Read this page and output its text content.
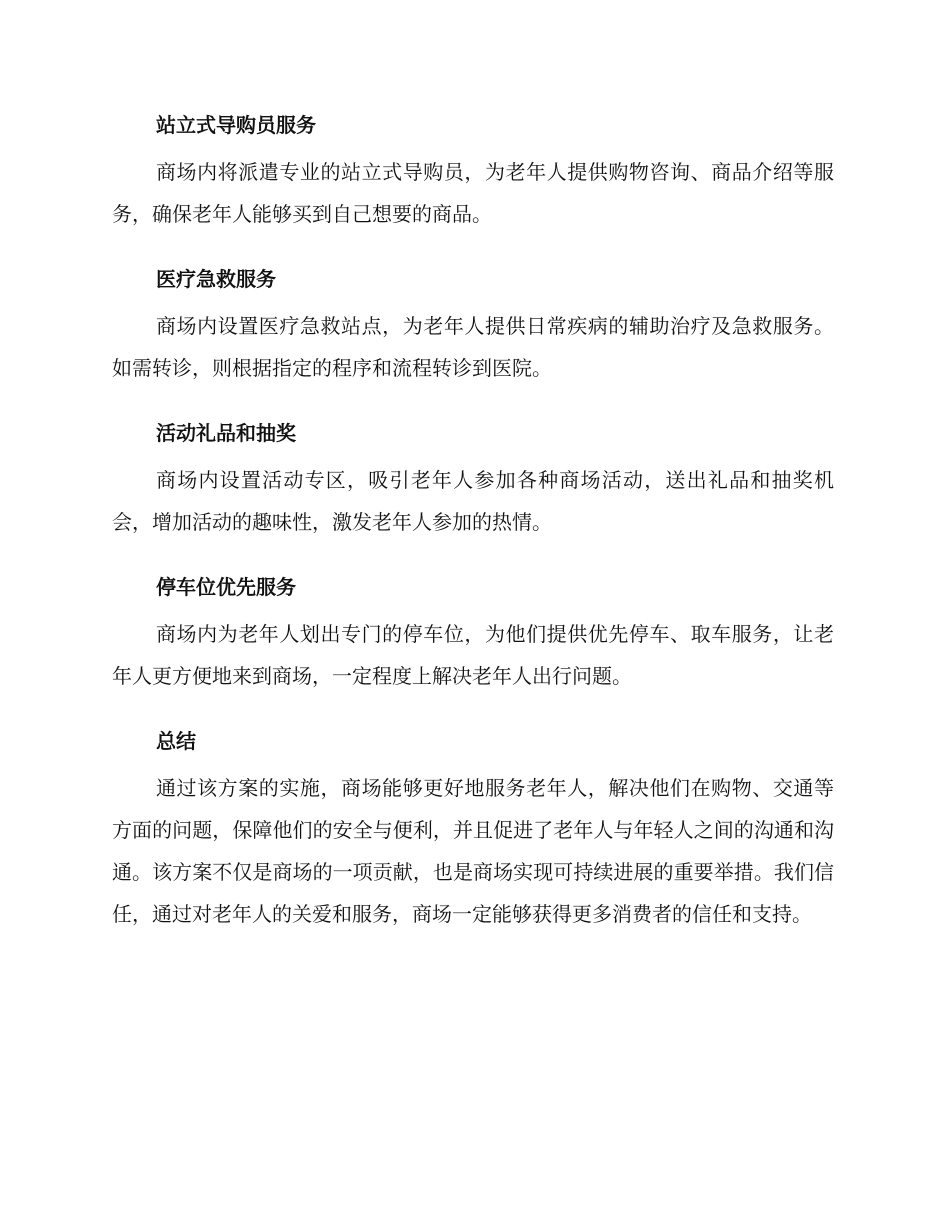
站立式导购员服务
商场内将派遣专业的站立式导购员，为老年人提供购物咨询、商品介绍等服务，确保老年人能够买到自己想要的商品。
医疗急救服务
商场内设置医疗急救站点，为老年人提供日常疾病的辅助治疗及急救服务。如需转诊，则根据指定的程序和流程转诊到医院。
活动礼品和抽奖
商场内设置活动专区，吸引老年人参加各种商场活动，送出礼品和抽奖机会，增加活动的趣味性，激发老年人参加的热情。
停车位优先服务
商场内为老年人划出专门的停车位，为他们提供优先停车、取车服务，让老年人更方便地来到商场，一定程度上解决老年人出行问题。
总结
通过该方案的实施，商场能够更好地服务老年人，解决他们在购物、交通等方面的问题，保障他们的安全与便利，并且促进了老年人与年轻人之间的沟通和沟通。该方案不仅是商场的一项贡献，也是商场实现可持续进展的重要举措。我们信任，通过对老年人的关爱和服务，商场一定能够获得更多消费者的信任和支持。
